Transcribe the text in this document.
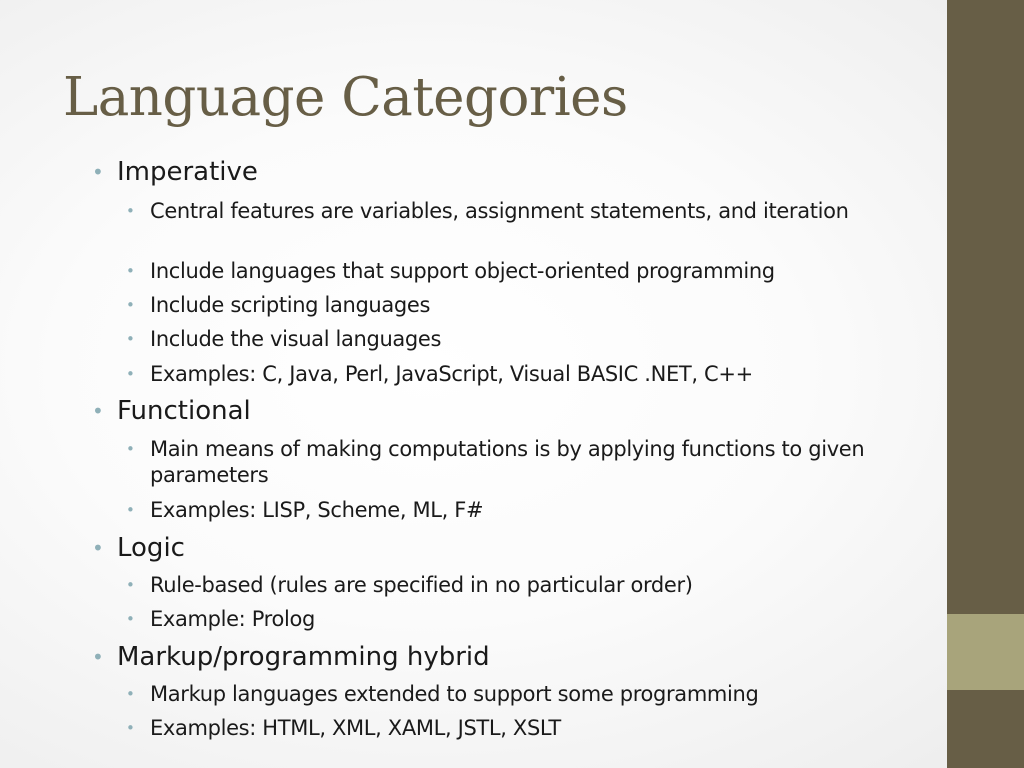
Language Categories
• Imperative
• Central features are variables, assignment statements, and iteration
• Include languages that support object-oriented programming
• Include scripting languages
• Include the visual languages
• Examples: C, Java, Perl, JavaScript, Visual BASIC .NET, C++
• Functional
• Main means of making computations is by applying functions to given parameters
• Examples: LISP, Scheme, ML, F#
• Logic
• Rule-based (rules are specified in no particular order)
• Example: Prolog
• Markup/programming hybrid
• Markup languages extended to support some programming
• Examples: HTML, XML, XAML, JSTL, XSLT
